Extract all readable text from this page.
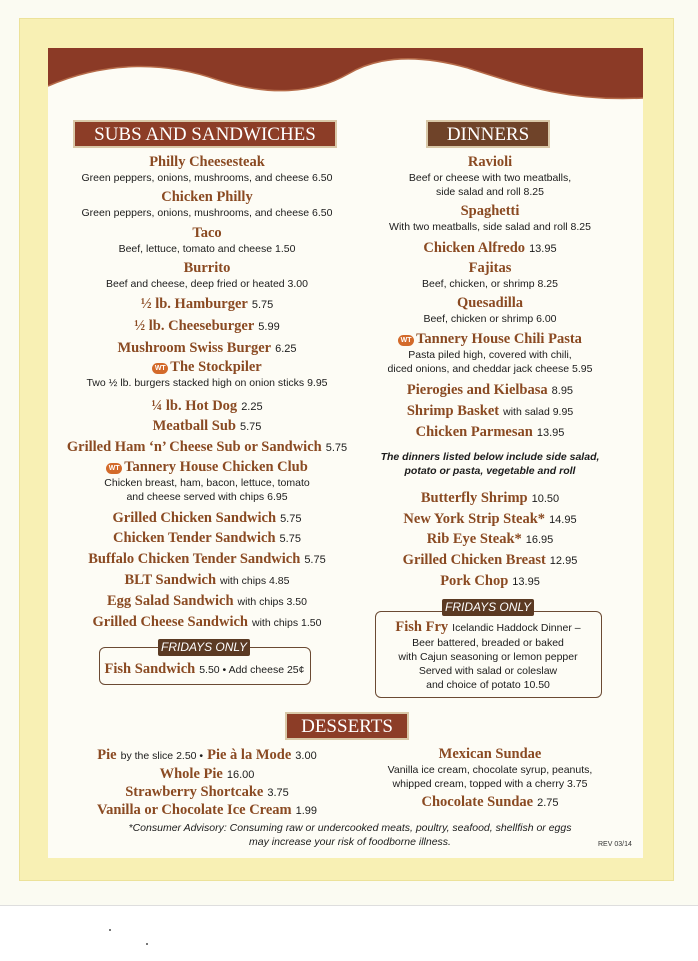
SUBS AND SANDWICHES
Philly Cheesesteak
Green peppers, onions, mushrooms, and cheese 6.50
Chicken Philly
Green peppers, onions, mushrooms, and cheese 6.50
Taco
Beef, lettuce, tomato and cheese 1.50
Burrito
Beef and cheese, deep fried or heated 3.00
½ lb. Hamburger 5.75
½ lb. Cheeseburger 5.99
Mushroom Swiss Burger 6.25
WT The Stockpiler
Two ½ lb. burgers stacked high on onion sticks 9.95
¼ lb. Hot Dog 2.25
Meatball Sub 5.75
Grilled Ham ‘n’ Cheese Sub or Sandwich 5.75
WT Tannery House Chicken Club
Chicken breast, ham, bacon, lettuce, tomato
and cheese served with chips 6.95
Grilled Chicken Sandwich 5.75
Chicken Tender Sandwich 5.75
Buffalo Chicken Tender Sandwich 5.75
BLT Sandwich with chips 4.85
Egg Salad Sandwich with chips 3.50
Grilled Cheese Sandwich with chips 1.50
Fish Sandwich 5.50 • Add cheese 25¢
FRIDAYS ONLY
DINNERS
Ravioli
Beef or cheese with two meatballs,
side salad and roll 8.25
Spaghetti
With two meatballs, side salad and roll 8.25
Chicken Alfredo 13.95
Fajitas
Beef, chicken, or shrimp 8.25
Quesadilla
Beef, chicken or shrimp 6.00
WT Tannery House Chili Pasta
Pasta piled high, covered with chili,
diced onions, and cheddar jack cheese 5.95
Pierogies and Kielbasa 8.95
Shrimp Basket with salad 9.95
Chicken Parmesan 13.95
The dinners listed below include side salad,
potato or pasta, vegetable and roll
Butterfly Shrimp 10.50
New York Strip Steak* 14.95
Rib Eye Steak* 16.95
Grilled Chicken Breast 12.95
Pork Chop 13.95
Fish Fry Icelandic Haddock Dinner –
Beer battered, breaded or baked
with Cajun seasoning or lemon pepper
Served with salad or coleslaw
and choice of potato 10.50
FRIDAYS ONLY
DESSERTS
Pie by the slice 2.50 • Pie à la Mode 3.00
Whole Pie 16.00
Strawberry Shortcake 3.75
Vanilla or Chocolate Ice Cream 1.99
Mexican Sundae
Vanilla ice cream, chocolate syrup, peanuts,
whipped cream, topped with a cherry 3.75
Chocolate Sundae 2.75
*Consumer Advisory: Consuming raw or undercooked meats, poultry, seafood, shellfish or eggs
may increase your risk of foodborne illness.	REV 03/14
